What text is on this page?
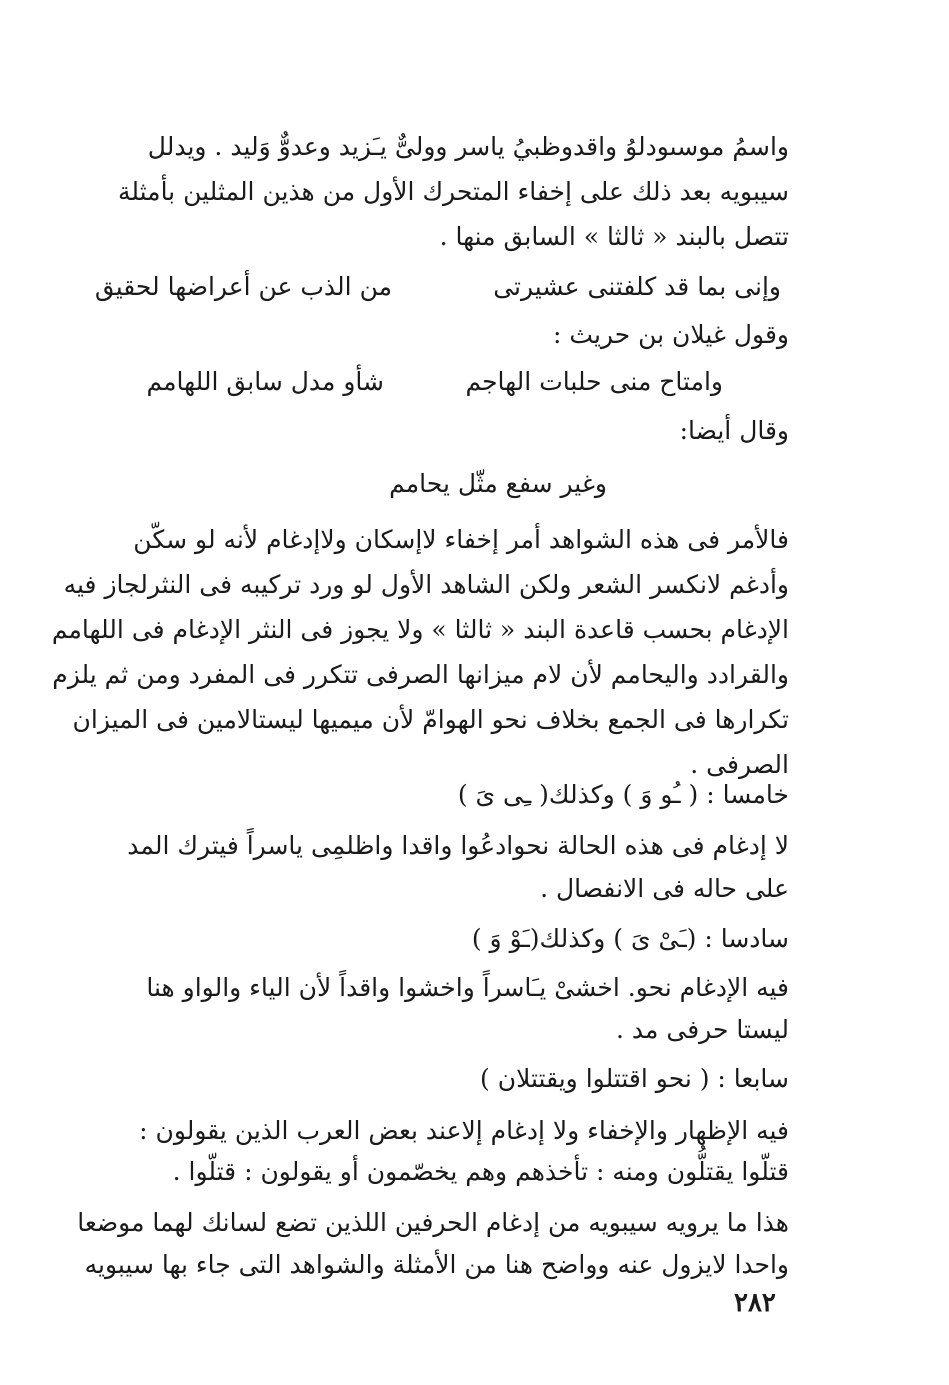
واسمُ موسىودلوُ واقدوظبيُ ياسر وولىٌّ يـَزيد وعدوٌّ وَليد . ويدلل
سيبويه بعد ذلك على إخفاء المتحرك الأول من هذين المثلين بأمثلة
تتصل بالبند « ثالثا » السابق منها .
وإنى بما قد كلفتنى عشيرتى
من الذب عن أعراضها لحقيق
وقول غيلان بن حريث :
وامتاح منى حلبات الهاجم
شأو مدل سابق اللهامم
وقال أيضا:
وغير سفع مثّل يحامم
فالأمر فى هذه الشواهد أمر إخفاء لاإسكان ولاإدغام لأنه لو سكّن
وأدغم لانكسر الشعر ولكن الشاهد الأول لو ورد تركيبه فى النثرلجاز فيه
الإدغام بحسب قاعدة البند « ثالثا » ولا يجوز فى النثر الإدغام فى اللهامم
والقرادد واليحامم لأن لام ميزانها الصرفى تتكرر فى المفرد ومن ثم يلزم
تكرارها فى الجمع بخلاف نحو الهوامّ لأن ميميها ليستالامين فى الميزان
الصرفى .
خامسا : ( ـُو وَ ) وكذلك( ـِى ىَ )
لا إدغام فى هذه الحالة نحوادعُوا واقدا واظلمِى ياسراً فيترك المد
على حاله فى الانفصال .
سادسا : (ـَىْ ىَ ) وكذلك(ـَوْ وَ )
فيه الإدغام نحو. اخشىْ يـَاسراً واخشوا واقداً لأن الياء والواو هنا
ليستا حرفى مد .
سابعا : ( نحو اقتتلوا ويقتتلان )
فيه الإظهار والإخفاء ولا إدغام إلاعند بعض العرب الذين يقولون :
قتلّوا يقتلُّون ومنه : تأخذهم وهم يخصّمون أو يقولون : قتلّوا .
هذا ما يرويه سيبويه من إدغام الحرفين اللذين تضع لسانك لهما موضعا
واحدا لايزول عنه وواضح هنا من الأمثلة والشواهد التى جاء بها سيبويه
٢٨٢
